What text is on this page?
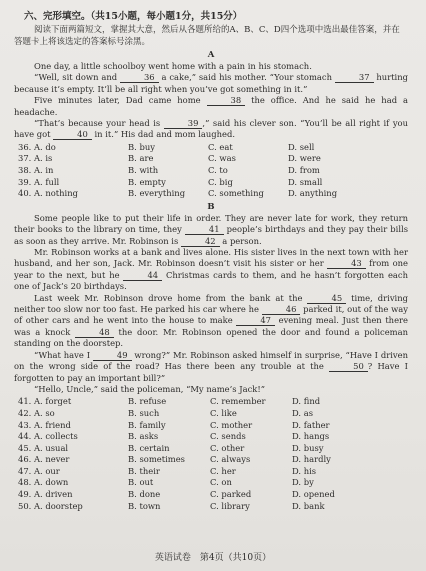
六、完形填空。（共15小题，每小题1分，共15分）

阅读下面两篇短文，掌握其大意，然后从各题所给的A、B、C、D四个选项中选出最佳答案，并在答题卡上将该选定的答案标号涂黑。

A

One day, a little schoolboy went home with a pain in his stomach.

“Well, sit down and	36 a cake,” said his mother. “Your stomach	37 hurting because it’s empty. It’ll be all right when you’ve got something in it.”

Five minutes later, Dad came home	38 the office. And he said he had a headache.

“That’s because your head is	39 ,” said his clever son. “You’ll be all right if you have got	40 in it.” His dad and mom laughed.

36. A. do	B. buy	C. eat	D. sell
37. A. is	B. are	C. was	D. were
38. A. in	B. with	C. to	D. from
39. A. full	B. empty	C. big	D. small
40. A. nothing	B. everything	C. something	D. anything
B

Some people like to put their life in order. They are never late for work, they return their books to the library on time, they	41 people’s birthdays and they pay their bills as soon as they arrive. Mr. Robinson is	42 a person.

Mr. Robinson works at a bank and lives alone. His sister lives in the next town with her husband, and her son, Jack. Mr. Robinson doesn’t visit his sister or her	43 from one year to the next, but he	44 Christmas cards to them, and he hasn’t forgotten each one of Jack’s 20 birthdays.

Last week Mr. Robinson drove home from the bank at the	45 time, driving neither too slow nor too fast. He parked his car where he	46 parked it, out of the way of other cars and he went into the house to make	47 evening meal. Just then there was a knock	48 the door. Mr. Robinson opened the door and found a policeman standing on the doorstep.

“What have I	49 wrong?” Mr. Robinson asked himself in surprise, “Have I driven on the wrong side of the road? Has there been any trouble at the	50 ? Have I forgotten to pay an important bill?”

“Hello, Uncle,” said the policeman, “My name’s Jack!”

41. A. forget	B. refuse	C. remember	D. find
42. A. so	B. such	C. like	D. as
43. A. friend	B. family	C. mother	D. father
44. A. collects	B. asks	C. sends	D. hangs
45. A. usual	B. certain	C. other	D. busy
46. A. never	B. sometimes	C. always	D. hardly
47. A. our	B. their	C. her	D. his
48. A. down	B. out	C. on	D. by
49. A. driven	B. done	C. parked	D. opened
50. A. doorstep	B. town	C. library	D. bank
英语试卷　第4页（共10页）
